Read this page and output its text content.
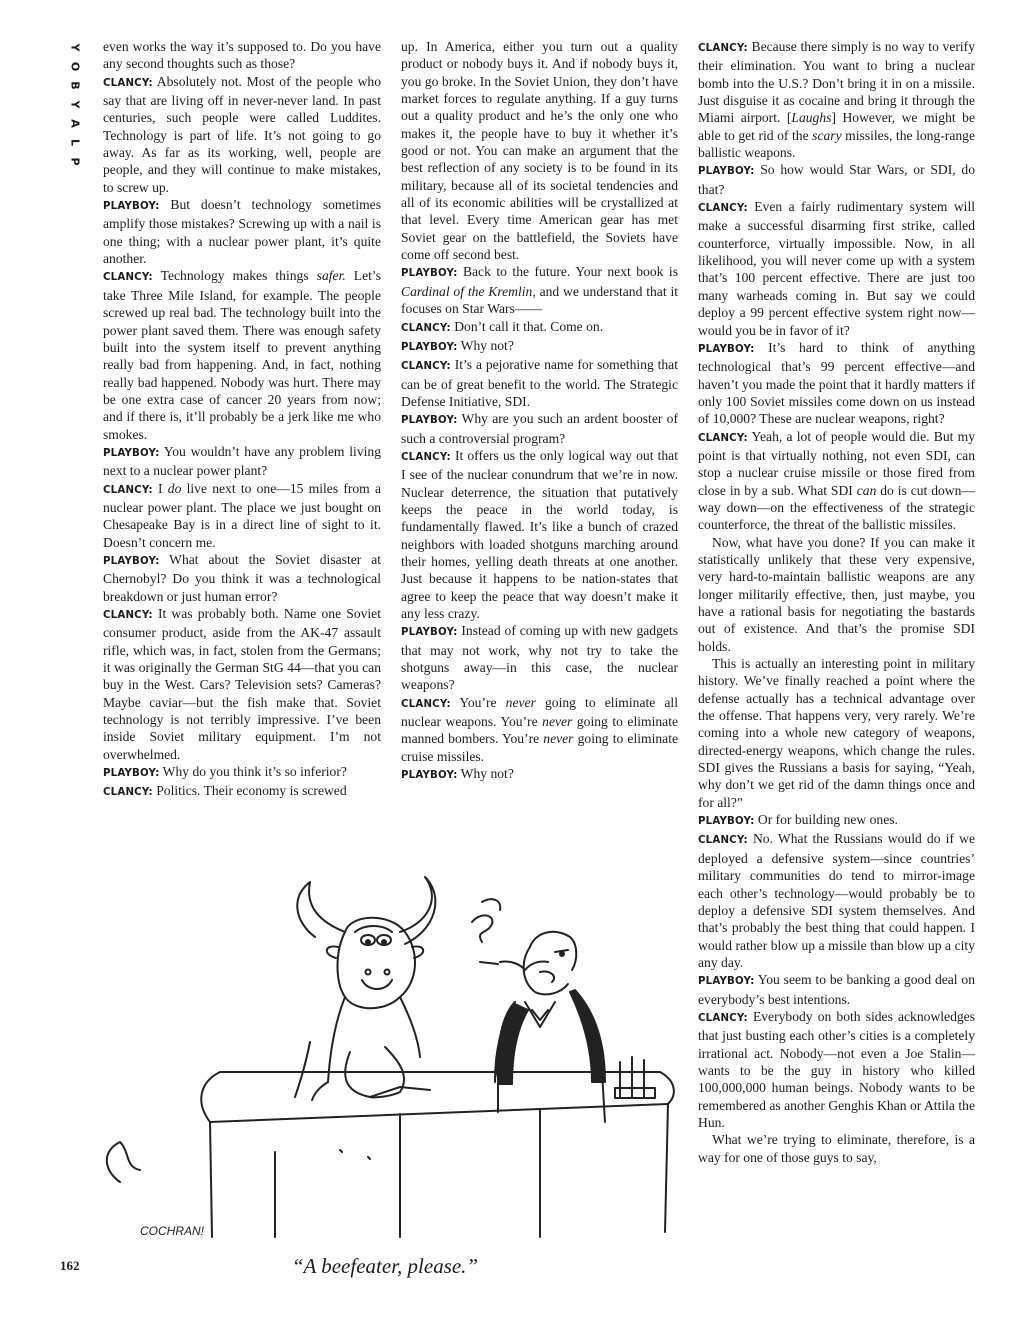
Y
O
B
Y
A
L
P

even works the way it’s supposed to. Do you have any second thoughts such as those?

CLANCY: Absolutely not. Most of the people who say that are living off in never-never land. In past centuries, such people were called Luddites. Technology is part of life. It’s not going to go away. As far as its working, well, people are people, and they will continue to make mistakes, to screw up.

PLAYBOY: But doesn’t technology sometimes amplify those mistakes? Screwing up with a nail is one thing; with a nuclear power plant, it’s quite another.

CLANCY: Technology makes things safer. Let’s take Three Mile Island, for example. The people screwed up real bad. The technology built into the power plant saved them. There was enough safety built into the system itself to prevent anything really bad from happening. And, in fact, nothing really bad happened. Nobody was hurt. There may be one extra case of cancer 20 years from now; and if there is, it’ll probably be a jerk like me who smokes.

PLAYBOY: You wouldn’t have any problem living next to a nuclear power plant?

CLANCY: I do live next to one—15 miles from a nuclear power plant. The place we just bought on Chesapeake Bay is in a direct line of sight to it. Doesn’t concern me.

PLAYBOY: What about the Soviet disaster at Chernobyl? Do you think it was a technological breakdown or just human error?

CLANCY: It was probably both. Name one Soviet consumer product, aside from the AK-47 assault rifle, which was, in fact, stolen from the Germans; it was originally the German StG 44—that you can buy in the West. Cars? Television sets? Cameras? Maybe caviar—but the fish make that. Soviet technology is not terribly impressive. I’ve been inside Soviet military equipment. I’m not overwhelmed.

PLAYBOY: Why do you think it’s so inferior?

CLANCY: Politics. Their economy is screwed

up. In America, either you turn out a quality product or nobody buys it. And if nobody buys it, you go broke. In the Soviet Union, they don’t have market forces to regulate anything. If a guy turns out a quality product and he’s the only one who makes it, the people have to buy it whether it’s good or not. You can make an argument that the best reflection of any society is to be found in its military, because all of its societal tendencies and all of its economic abilities will be crystallized at that level. Every time American gear has met Soviet gear on the battlefield, the Soviets have come off second best.

PLAYBOY: Back to the future. Your next book is Cardinal of the Kremlin, and we understand that it focuses on Star Wars——

CLANCY: Don’t call it that. Come on.

PLAYBOY: Why not?

CLANCY: It’s a pejorative name for something that can be of great benefit to the world. The Strategic Defense Initiative, SDI.

PLAYBOY: Why are you such an ardent booster of such a controversial program?

CLANCY: It offers us the only logical way out that I see of the nuclear conundrum that we’re in now. Nuclear deterrence, the situation that putatively keeps the peace in the world today, is fundamentally flawed. It’s like a bunch of crazed neighbors with loaded shotguns marching around their homes, yelling death threats at one another. Just because it happens to be nation-states that agree to keep the peace that way doesn’t make it any less crazy.

PLAYBOY: Instead of coming up with new gadgets that may not work, why not try to take the shotguns away—in this case, the nuclear weapons?

CLANCY: You’re never going to eliminate all nuclear weapons. You’re never going to eliminate manned bombers. You’re never going to eliminate cruise missiles.

PLAYBOY: Why not?

CLANCY: Because there simply is no way to verify their elimination. You want to bring a nuclear bomb into the U.S.? Don’t bring it in on a missile. Just disguise it as cocaine and bring it through the Miami airport. [Laughs] However, we might be able to get rid of the scary missiles, the long-range ballistic weapons.

PLAYBOY: So how would Star Wars, or SDI, do that?

CLANCY: Even a fairly rudimentary system will make a successful disarming first strike, called counterforce, virtually impossible. Now, in all likelihood, you will never come up with a system that’s 100 percent effective. There are just too many warheads coming in. But say we could deploy a 99 percent effective system right now—would you be in favor of it?

PLAYBOY: It’s hard to think of anything technological that’s 99 percent effective—and haven’t you made the point that it hardly matters if only 100 Soviet missiles come down on us instead of 10,000? These are nuclear weapons, right?

CLANCY: Yeah, a lot of people would die. But my point is that virtually nothing, not even SDI, can stop a nuclear cruise missile or those fired from close in by a sub. What SDI can do is cut down—way down—on the effectiveness of the strategic counterforce, the threat of the ballistic missiles.

Now, what have you done? If you can make it statistically unlikely that these very expensive, very hard-to-maintain ballistic weapons are any longer militarily effective, then, just maybe, you have a rational basis for negotiating the bastards out of existence. And that’s the promise SDI holds.

This is actually an interesting point in military history. We’ve finally reached a point where the defense actually has a technical advantage over the offense. That happens very, very rarely. We’re coming into a whole new category of weapons, directed-energy weapons, which change the rules. SDI gives the Russians a basis for saying, “Yeah, why don’t we get rid of the damn things once and for all?”

PLAYBOY: Or for building new ones.

CLANCY: No. What the Russians would do if we deployed a defensive system—since countries’ military communities do tend to mirror-image each other’s technology—would probably be to deploy a defensive SDI system themselves. And that’s probably the best thing that could happen. I would rather blow up a missile than blow up a city any day.

PLAYBOY: You seem to be banking a good deal on everybody’s best intentions.

CLANCY: Everybody on both sides acknowledges that just busting each other’s cities is a completely irrational act. Nobody—not even a Joe Stalin—wants to be the guy in history who killed 100,000,000 human beings. Nobody wants to be remembered as another Genghis Khan or Attila the Hun.

What we’re trying to eliminate, therefore, is a way for one of those guys to say,

COCHRAN!
“A beefeater, please.”
162
